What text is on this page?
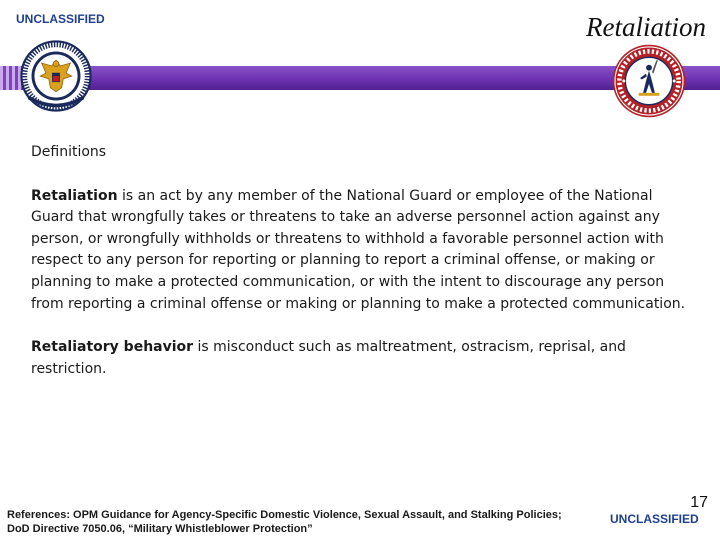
UNCLASSIFIED	Retaliation
Definitions
Retaliation is an act by any member of the National Guard or employee of the National Guard that wrongfully takes or threatens to take an adverse personnel action against any person, or wrongfully withholds or threatens to withhold a favorable personnel action with respect to any person for reporting or planning to report a criminal offense, or making or planning to make a protected communication, or with the intent to discourage any person from reporting a criminal offense or making or planning to make a protected communication.
Retaliatory behavior is misconduct such as maltreatment, ostracism, reprisal, and restriction.
References: OPM Guidance for Agency-Specific Domestic Violence, Sexual Assault, and Stalking Policies; DoD Directive 7050.06, “Military Whistleblower Protection”
17
UNCLASSIFIED
